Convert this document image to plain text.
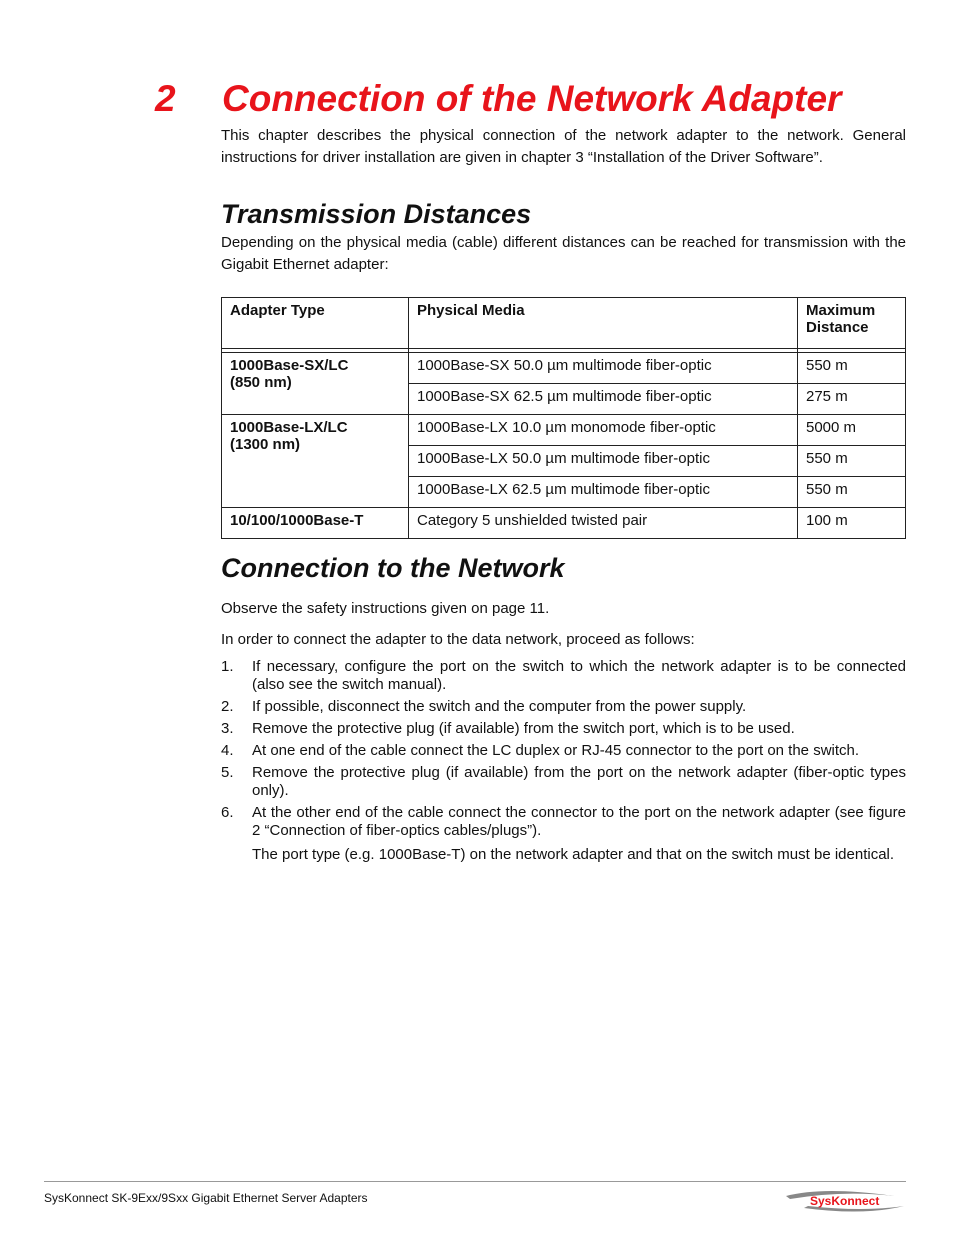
2 Connection of the Network Adapter

This chapter describes the physical connection of the network adapter to the network. General instructions for driver installation are given in chapter 3 “Installation of the Driver Software”.

Transmission Distances

Depending on the physical media (cable) different distances can be reached for transmission with the Gigabit Ethernet adapter:

Adapter Type	Physical Media	Maximum Distance

1000Base-SX/LC
(850 nm)	1000Base-SX 50.0 µm multimode fiber-optic	550 m
	1000Base-SX 62.5 µm multimode fiber-optic	275 m
1000Base-LX/LC
(1300 nm)	1000Base-LX 10.0 µm monomode fiber-optic	5000 m
	1000Base-LX 50.0 µm multimode fiber-optic	550 m
	1000Base-LX 62.5 µm multimode fiber-optic	550 m
10/100/1000Base-T	Category 5 unshielded twisted pair	100 m
Connection to the Network

Observe the safety instructions given on page 11.

In order to connect the adapter to the data network, proceed as follows:

1. If necessary, configure the port on the switch to which the network adapter is to be connected (also see the switch manual).
2. If possible, disconnect the switch and the computer from the power supply.
3. Remove the protective plug (if available) from the switch port, which is to be used.
4. At one end of the cable connect the LC duplex or RJ-45 connector to the port on the switch.
5. Remove the protective plug (if available) from the port on the network adapter (fiber-optic types only).
6. At the other end of the cable connect the connector to the port on the network adapter (see figure 2 “Connection of fiber-optics cables/plugs”).
The port type (e.g. 1000Base-T) on the network adapter and that on the switch must be identical.
SysKonnect SK-9Exx/9Sxx Gigabit Ethernet Server Adapters	SysKonnect
